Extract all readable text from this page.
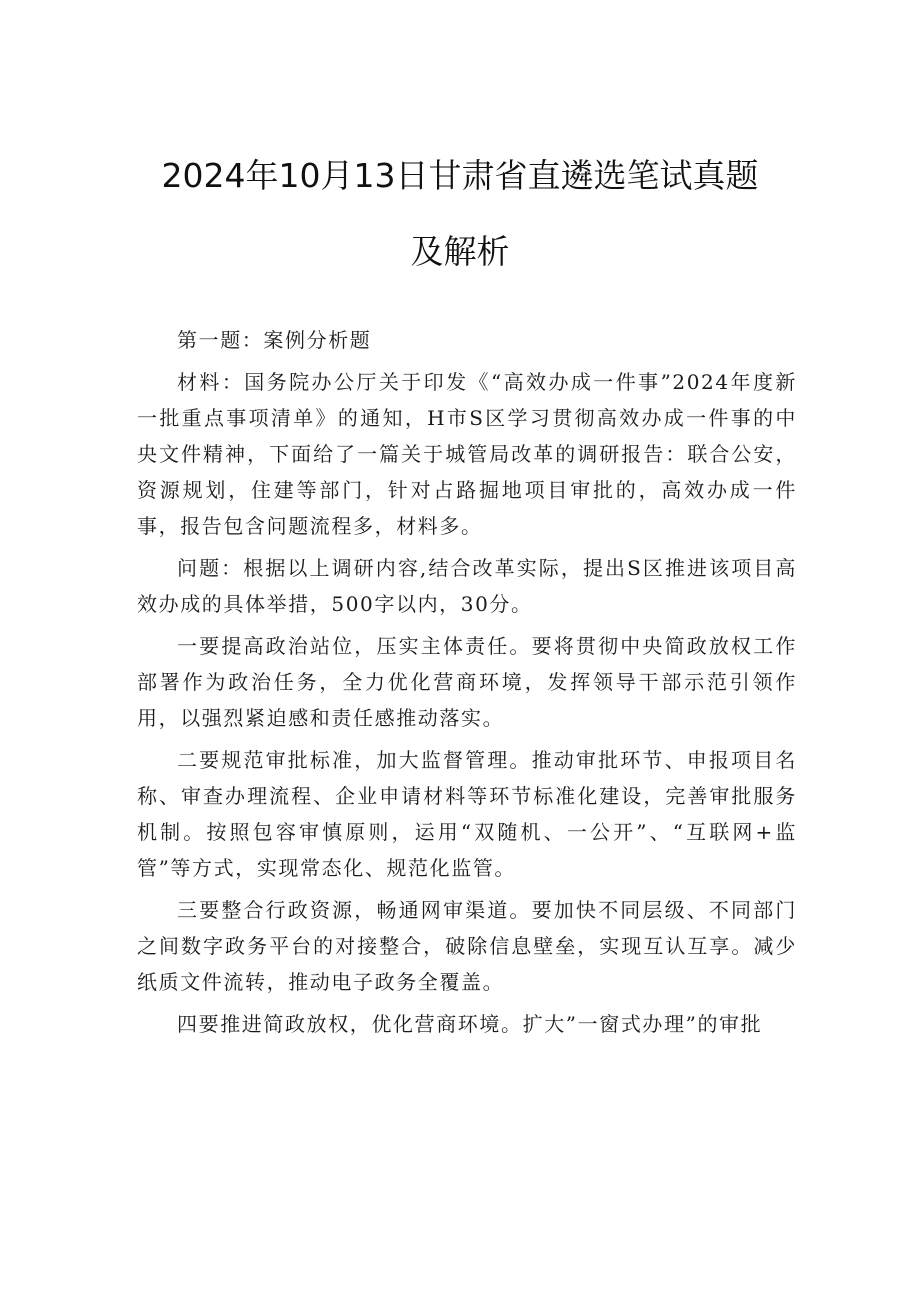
2024年10月13日甘肃省直遴选笔试真题
及解析

第一题：案例分析题

材料：国务院办公厅关于印发《“高效办成一件事”2024年度新一批重点事项清单》的通知，H市S区学习贯彻高效办成一件事的中央文件精神，下面给了一篇关于城管局改革的调研报告：联合公安，资源规划，住建等部门，针对占路掘地项目审批的，高效办成一件事，报告包含问题流程多，材料多。

问题：根据以上调研内容,结合改革实际，提出S区推进该项目高效办成的具体举措，500字以内，30分。

一要提高政治站位，压实主体责任。要将贯彻中央简政放权工作部署作为政治任务，全力优化营商环境，发挥领导干部示范引领作用，以强烈紧迫感和责任感推动落实。

二要规范审批标准，加大监督管理。推动审批环节、申报项目名称、审查办理流程、企业申请材料等环节标准化建设，完善审批服务机制。按照包容审慎原则，运用“双随机、一公开”、“互联网+监管”等方式，实现常态化、规范化监管。

三要整合行政资源，畅通网审渠道。要加快不同层级、不同部门之间数字政务平台的对接整合，破除信息壁垒，实现互认互享。减少纸质文件流转，推动电子政务全覆盖。

四要推进简政放权，优化营商环境。扩大”一窗式办理”的审批
